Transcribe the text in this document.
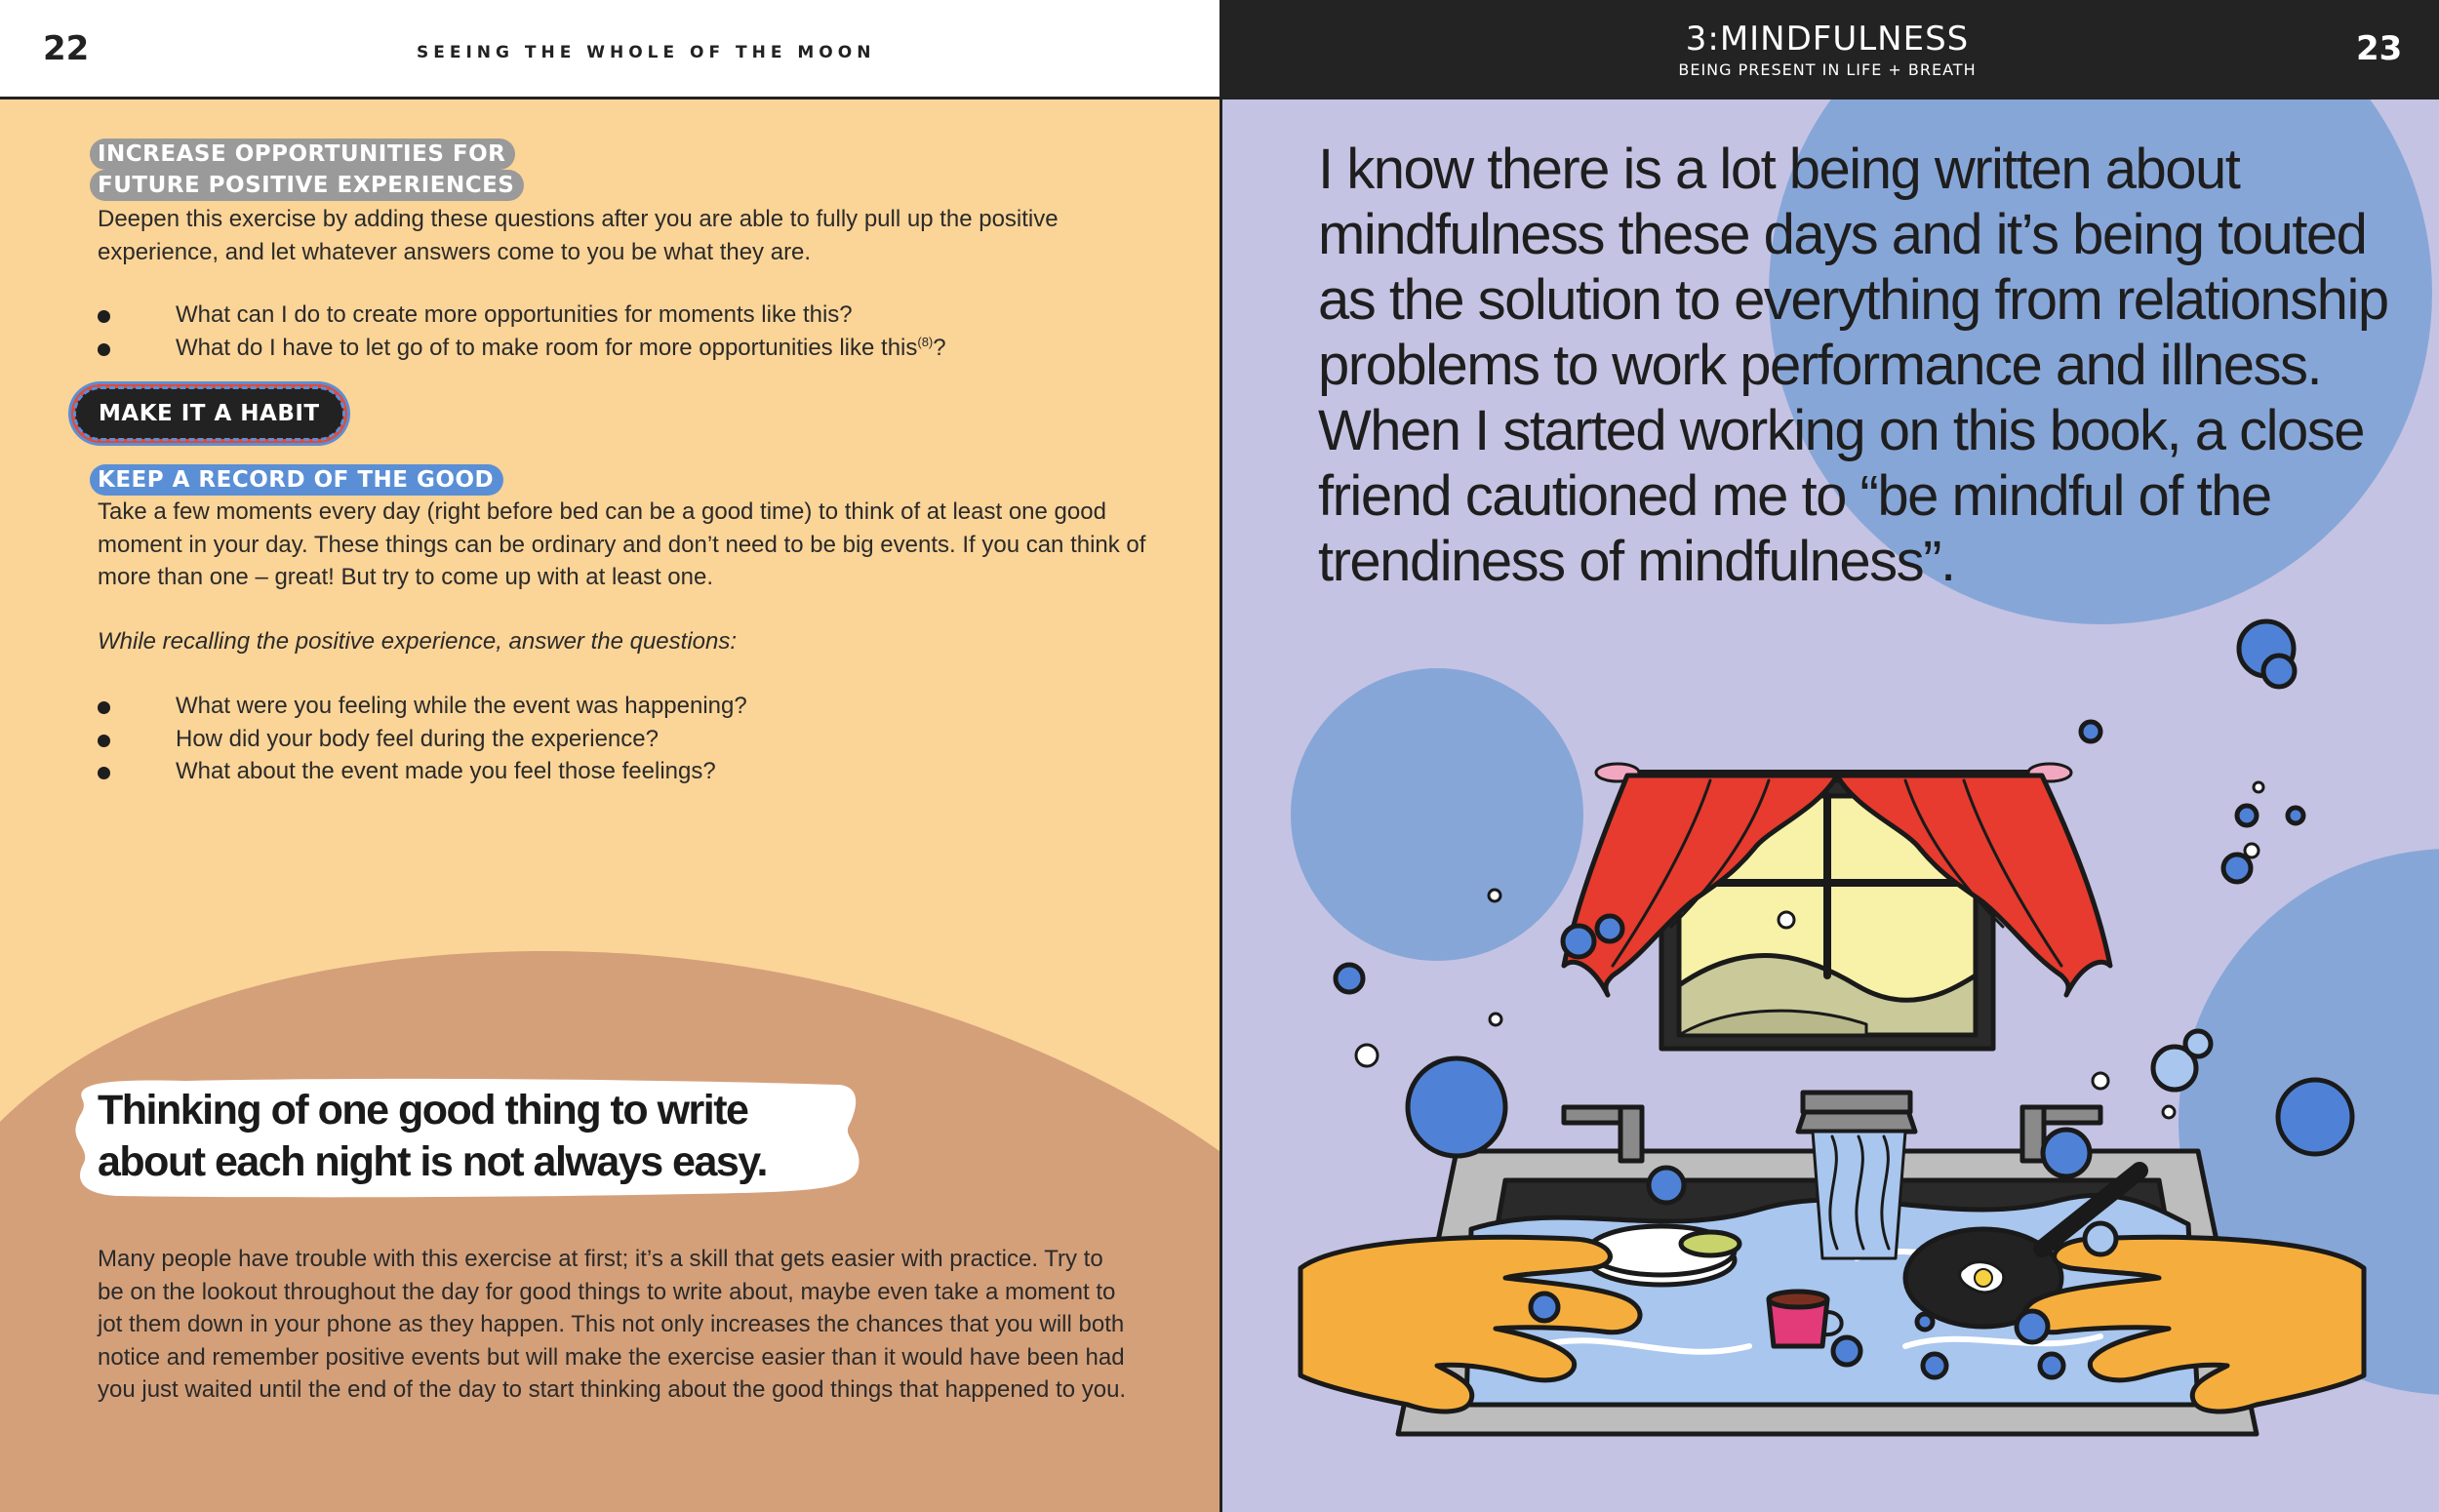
22	SEEING THE WHOLE OF THE MOON
INCREASE OPPORTUNITIES FOR
FUTURE POSITIVE EXPERIENCES

Deepen this exercise by adding these questions after you are able to fully pull up the positive experience, and let whatever answers come to you be what they are.

What can I do to create more opportunities for moments like this?
What do I have to let go of to make room for more opportunities like this$^{(8)}$?
MAKE IT A HABIT
KEEP A RECORD OF THE GOOD

Take a few moments every day (right before bed can be a good time) to think of at least one good moment in your day. These things can be ordinary and don’t need to be big events. If you can think of more than one – great! But try to come up with at least one.

While recalling the positive experience, answer the questions:

What were you feeling while the event was happening?
How did your body feel during the experience?
What about the event made you feel those feelings?
Thinking of one good thing to write
about each night is not always easy.

Many people have trouble with this exercise at first; it’s a skill that gets easier with practice. Try to be on the lookout throughout the day for good things to write about, maybe even take a moment to jot them down in your phone as they happen. This not only increases the chances that you will both notice and remember positive events but will make the exercise easier than it would have been had you just waited until the end of the day to start thinking about the good things that happened to you.

3:MINDFULNESS
BEING PRESENT IN LIFE + BREATH
23
I know there is a lot being written about mindfulness these days and it’s being touted as the solution to everything from relationship problems to work performance and illness. When I started working on this book, a close friend cautioned me to “be mindful of the trendiness of mindfulness”.
